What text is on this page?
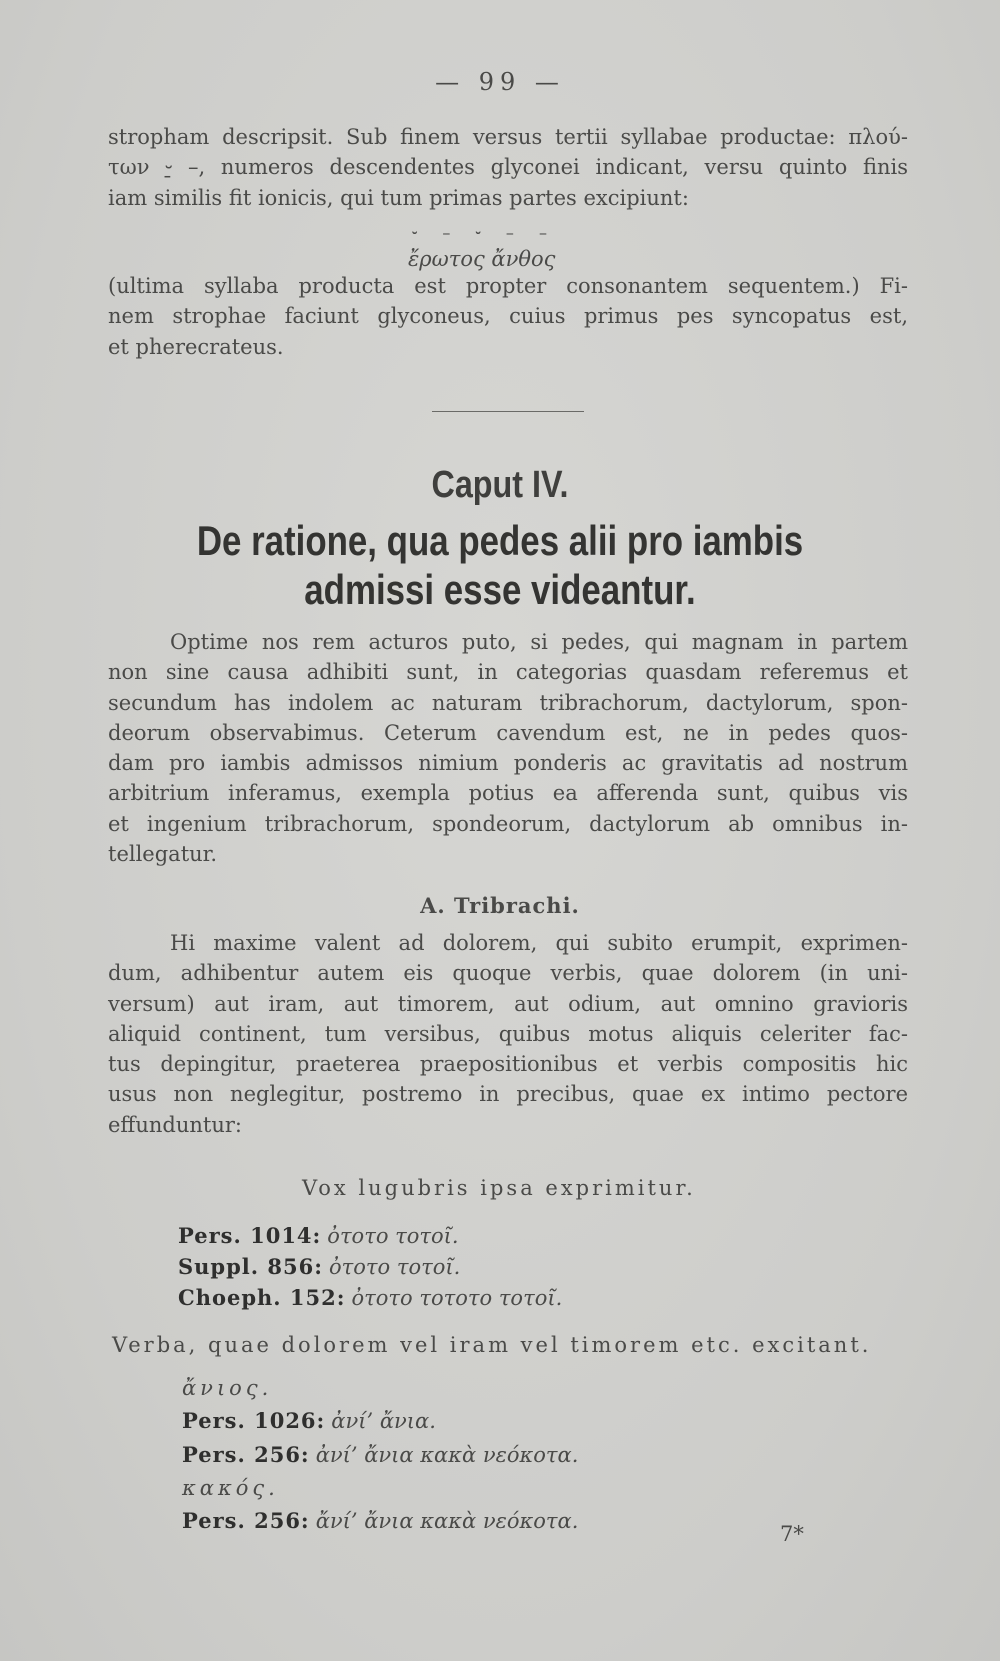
— 99 —
stropham descripsit. Sub finem versus tertii syllabae productae: πλού-
των ⏑̱ –, numeros descendentes glyconei indicant, versu quinto finis
iam similis fit ionicis, qui tum primas partes excipiunt:
⏑ – ⏑ – –
ἔρωτος ἄνθος
(ultima syllaba producta est propter consonantem sequentem.) Fi-
nem strophae faciunt glyconeus, cuius primus pes syncopatus est,
et pherecrateus.
Caput IV.
De ratione, qua pedes alii pro iambis
admissi esse videantur.
Optime nos rem acturos puto, si pedes, qui magnam in partem
non sine causa adhibiti sunt, in categorias quasdam referemus et
secundum has indolem ac naturam tribrachorum, dactylorum, spon-
deorum observabimus. Ceterum cavendum est, ne in pedes quos-
dam pro iambis admissos nimium ponderis ac gravitatis ad nostrum
arbitrium inferamus, exempla potius ea afferenda sunt, quibus vis
et ingenium tribrachorum, spondeorum, dactylorum ab omnibus in-
tellegatur.
A. Tribrachi.
Hi maxime valent ad dolorem, qui subito erumpit, exprimen-
dum, adhibentur autem eis quoque verbis, quae dolorem (in uni-
versum) aut iram, aut timorem, aut odium, aut omnino gravioris
aliquid continent, tum versibus, quibus motus aliquis celeriter fac-
tus depingitur, praeterea praepositionibus et verbis compositis hic
usus non neglegitur, postremo in precibus, quae ex intimo pectore
effunduntur:
Vox lugubris ipsa exprimitur.
Pers. 1014: ὀτοτο τοτοῖ.
Suppl. 856: ὀτοτο τοτοῖ.
Choeph. 152: ὀτοτο τοτοτο τοτοῖ.
Verba, quae dolorem vel iram vel timorem etc. excitant.
ἄνιος.
Pers. 1026: ἀνί’ ἄνια.
Pers. 256: ἀνί’ ἄνια κακὰ νεόκοτα.
κακός.
Pers. 256: ἄνί’ ἄνια κακὰ νεόκοτα.
7*
